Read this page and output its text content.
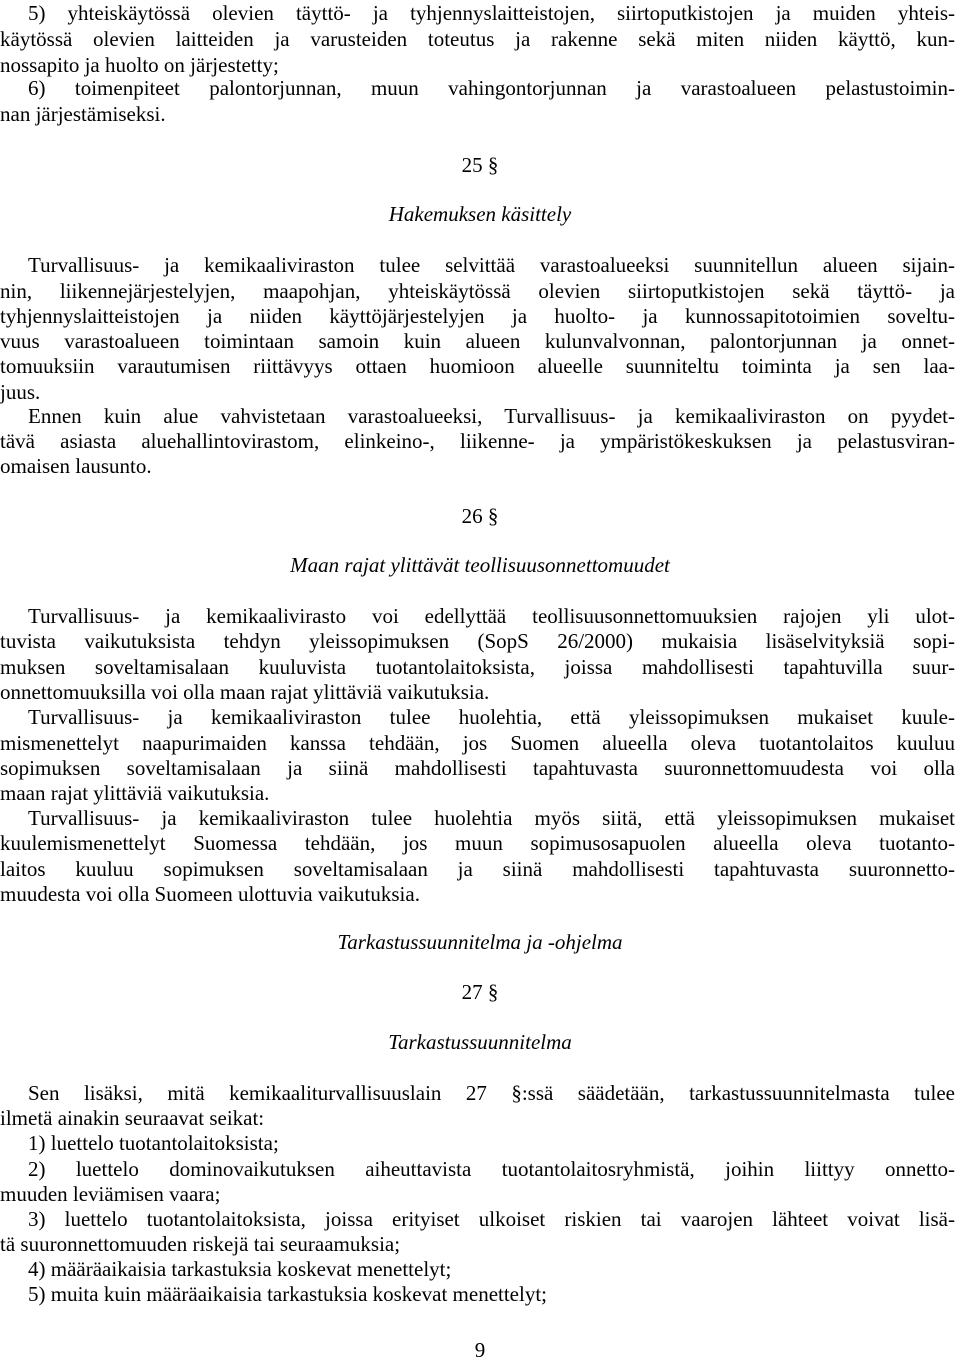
5) yhteiskäytössä olevien täyttö- ja tyhjennyslaitteistojen, siirtoputkistojen ja muiden yhteis-
käytössä olevien laitteiden ja varusteiden toteutus ja rakenne sekä miten niiden käyttö, kun-
nossapito ja huolto on järjestetty;
6) toimenpiteet palontorjunnan, muun vahingontorjunnan ja varastoalueen pelastustoimin-
nan järjestämiseksi.
25 §
Hakemuksen käsittely
Turvallisuus- ja kemikaaliviraston tulee selvittää varastoalueeksi suunnitellun alueen sijain-
nin, liikennejärjestelyjen, maapohjan, yhteiskäytössä olevien siirtoputkistojen sekä täyttö- ja
tyhjennyslaitteistojen ja niiden käyttöjärjestelyjen ja huolto- ja kunnossapitotoimien soveltu-
vuus varastoalueen toimintaan samoin kuin alueen kulunvalvonnan, palontorjunnan ja onnet-
tomuuksiin varautumisen riittävyys ottaen huomioon alueelle suunniteltu toiminta ja sen laa-
juus.
Ennen kuin alue vahvistetaan varastoalueeksi, Turvallisuus- ja kemikaaliviraston on pyydet-
tävä asiasta aluehallintovirastom, elinkeino-, liikenne- ja ympäristökeskuksen ja pelastusviran-
omaisen lausunto.
26 §
Maan rajat ylittävät teollisuusonnettomuudet
Turvallisuus- ja kemikaalivirasto voi edellyttää teollisuusonnettomuuksien rajojen yli ulot-
tuvista vaikutuksista tehdyn yleissopimuksen (SopS 26/2000) mukaisia lisäselvityksiä sopi-
muksen soveltamisalaan kuuluvista tuotantolaitoksista, joissa mahdollisesti tapahtuvilla suur-
onnettomuuksilla voi olla maan rajat ylittäviä vaikutuksia.
Turvallisuus- ja kemikaaliviraston tulee huolehtia, että yleissopimuksen mukaiset kuule-
mismenettelyt naapurimaiden kanssa tehdään, jos Suomen alueella oleva tuotantolaitos kuuluu
sopimuksen soveltamisalaan ja siinä mahdollisesti tapahtuvasta suuronnettomuudesta voi olla
maan rajat ylittäviä vaikutuksia.
Turvallisuus- ja kemikaaliviraston tulee huolehtia myös siitä, että yleissopimuksen mukaiset
kuulemismenettelyt Suomessa tehdään, jos muun sopimusosapuolen alueella oleva tuotanto-
laitos kuuluu sopimuksen soveltamisalaan ja siinä mahdollisesti tapahtuvasta suuronnetto-
muudesta voi olla Suomeen ulottuvia vaikutuksia.
Tarkastussuunnitelma ja -ohjelma
27 §
Tarkastussuunnitelma
Sen lisäksi, mitä kemikaaliturvallisuuslain 27 §:ssä säädetään, tarkastussuunnitelmasta tulee
ilmetä ainakin seuraavat seikat:
1) luettelo tuotantolaitoksista;
2) luettelo dominovaikutuksen aiheuttavista tuotantolaitosryhmistä, joihin liittyy onnetto-
muuden leviämisen vaara;
3) luettelo tuotantolaitoksista, joissa erityiset ulkoiset riskien tai vaarojen lähteet voivat lisä-
tä suuronnettomuuden riskejä tai seuraamuksia;
4) määräaikaisia tarkastuksia koskevat menettelyt;
5) muita kuin määräaikaisia tarkastuksia koskevat menettelyt;
9
